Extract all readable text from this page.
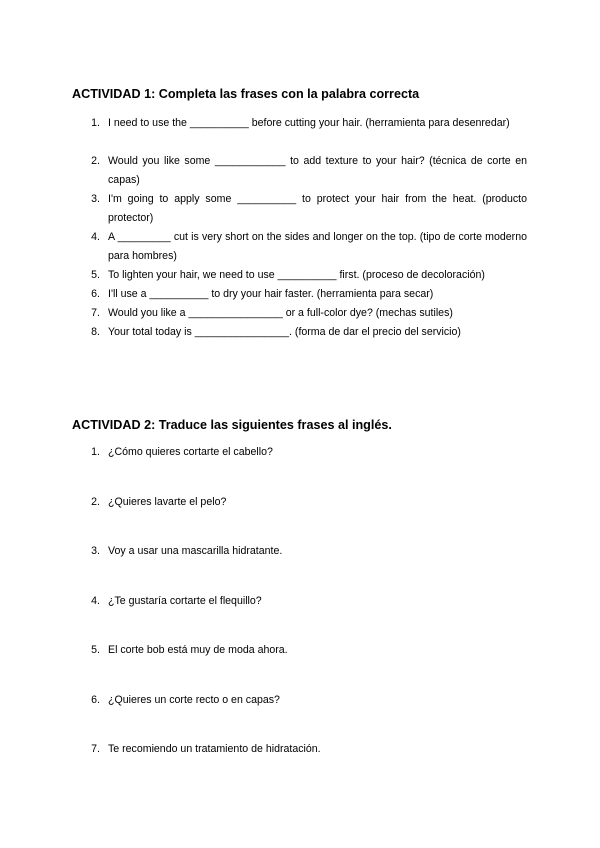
ACTIVIDAD 1: Completa las frases con la palabra correcta
1. I need to use the __________ before cutting your hair. (herramienta para desenredar)
2. Would you like some ____________ to add texture to your hair? (técnica de corte en capas)
3. I'm going to apply some __________ to protect your hair from the heat. (producto protector)
4. A _________ cut is very short on the sides and longer on the top. (tipo de corte moderno para hombres)
5. To lighten your hair, we need to use __________ first. (proceso de decoloración)
6. I'll use a __________ to dry your hair faster. (herramienta para secar)
7. Would you like a ________________ or a full-color dye? (mechas sutiles)
8. Your total today is ________________. (forma de dar el precio del servicio)
ACTIVIDAD 2: Traduce las siguientes frases al inglés.
1. ¿Cómo quieres cortarte el cabello?
2. ¿Quieres lavarte el pelo?
3. Voy a usar una mascarilla hidratante.
4. ¿Te gustaría cortarte el flequillo?
5. El corte bob está muy de moda ahora.
6. ¿Quieres un corte recto o en capas?
7. Te recomiendo un tratamiento de hidratación.
